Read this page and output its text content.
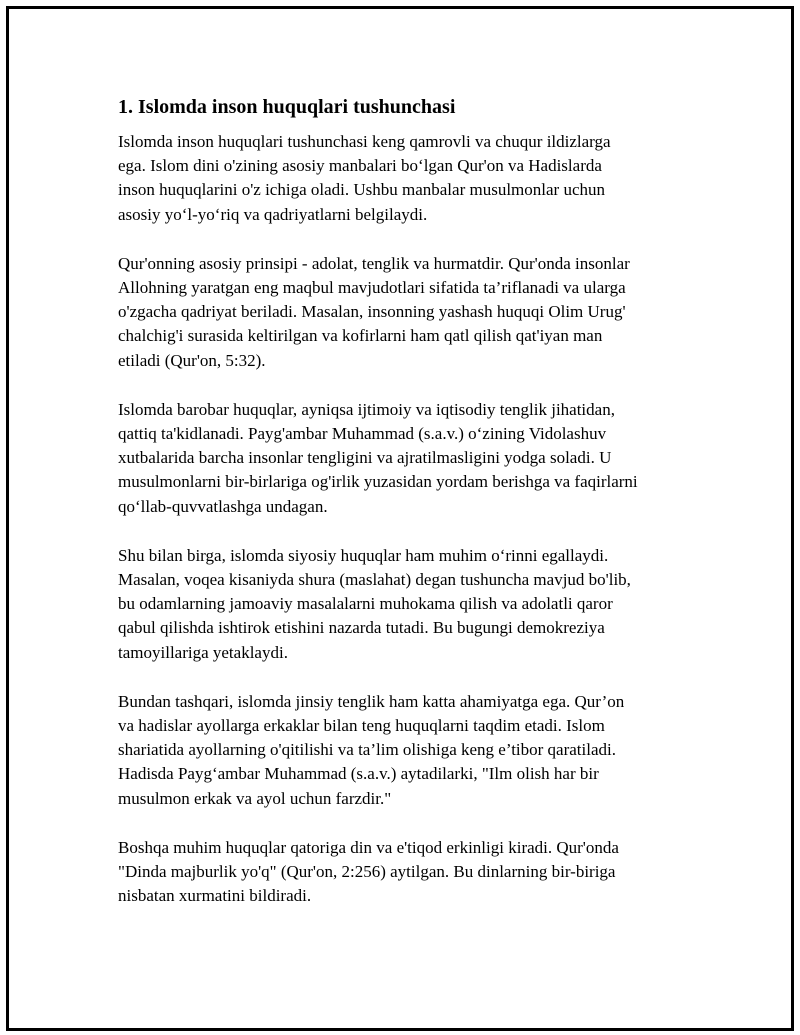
1. Islomda inson huquqlari tushunchasi

Islomda inson huquqlari tushunchasi keng qamrovli va chuqur ildizlarga
ega. Islom dini o'zining asosiy manbalari bo‘lgan Qur'on va Hadislarda
inson huquqlarini o'z ichiga oladi. Ushbu manbalar musulmonlar uchun
asosiy yo‘l-yo‘riq va qadriyatlarni belgilaydi.

Qur'onning asosiy prinsipi - adolat, tenglik va hurmatdir. Qur'onda insonlar
Allohning yaratgan eng maqbul mavjudotlari sifatida ta’riflanadi va ularga
o'zgacha qadriyat beriladi. Masalan, insonning yashash huquqi Olim Urug'
chalchig'i surasida keltirilgan va kofirlarni ham qatl qilish qat'iyan man
etiladi (Qur'on, 5:32).

Islomda barobar huquqlar, ayniqsa ijtimoiy va iqtisodiy tenglik jihatidan,
qattiq ta'kidlanadi. Payg'ambar Muhammad (s.a.v.) o‘zining Vidolashuv
xutbalarida barcha insonlar tengligini va ajratilmasligini yodga soladi. U
musulmonlarni bir-birlariga og'irlik yuzasidan yordam berishga va faqirlarni
qo‘llab-quvvatlashga undagan.

Shu bilan birga, islomda siyosiy huquqlar ham muhim o‘rinni egallaydi.
Masalan, voqea kisaniyda shura (maslahat) degan tushuncha mavjud bo'lib,
bu odamlarning jamoaviy masalalarni muhokama qilish va adolatli qaror
qabul qilishda ishtirok etishini nazarda tutadi. Bu bugungi demokreziya
tamoyillariga yetaklaydi.

Bundan tashqari, islomda jinsiy tenglik ham katta ahamiyatga ega. Qur’on
va hadislar ayollarga erkaklar bilan teng huquqlarni taqdim etadi. Islom
shariatida ayollarning o'qitilishi va ta’lim olishiga keng e’tibor qaratiladi.
Hadisda Payg‘ambar Muhammad (s.a.v.) aytadilarki, "Ilm olish har bir
musulmon erkak va ayol uchun farzdir."

Boshqa muhim huquqlar qatoriga din va e'tiqod erkinligi kiradi. Qur'onda
"Dinda majburlik yo'q" (Qur'on, 2:256) aytilgan. Bu dinlarning bir-biriga
nisbatan xurmatini bildiradi.
